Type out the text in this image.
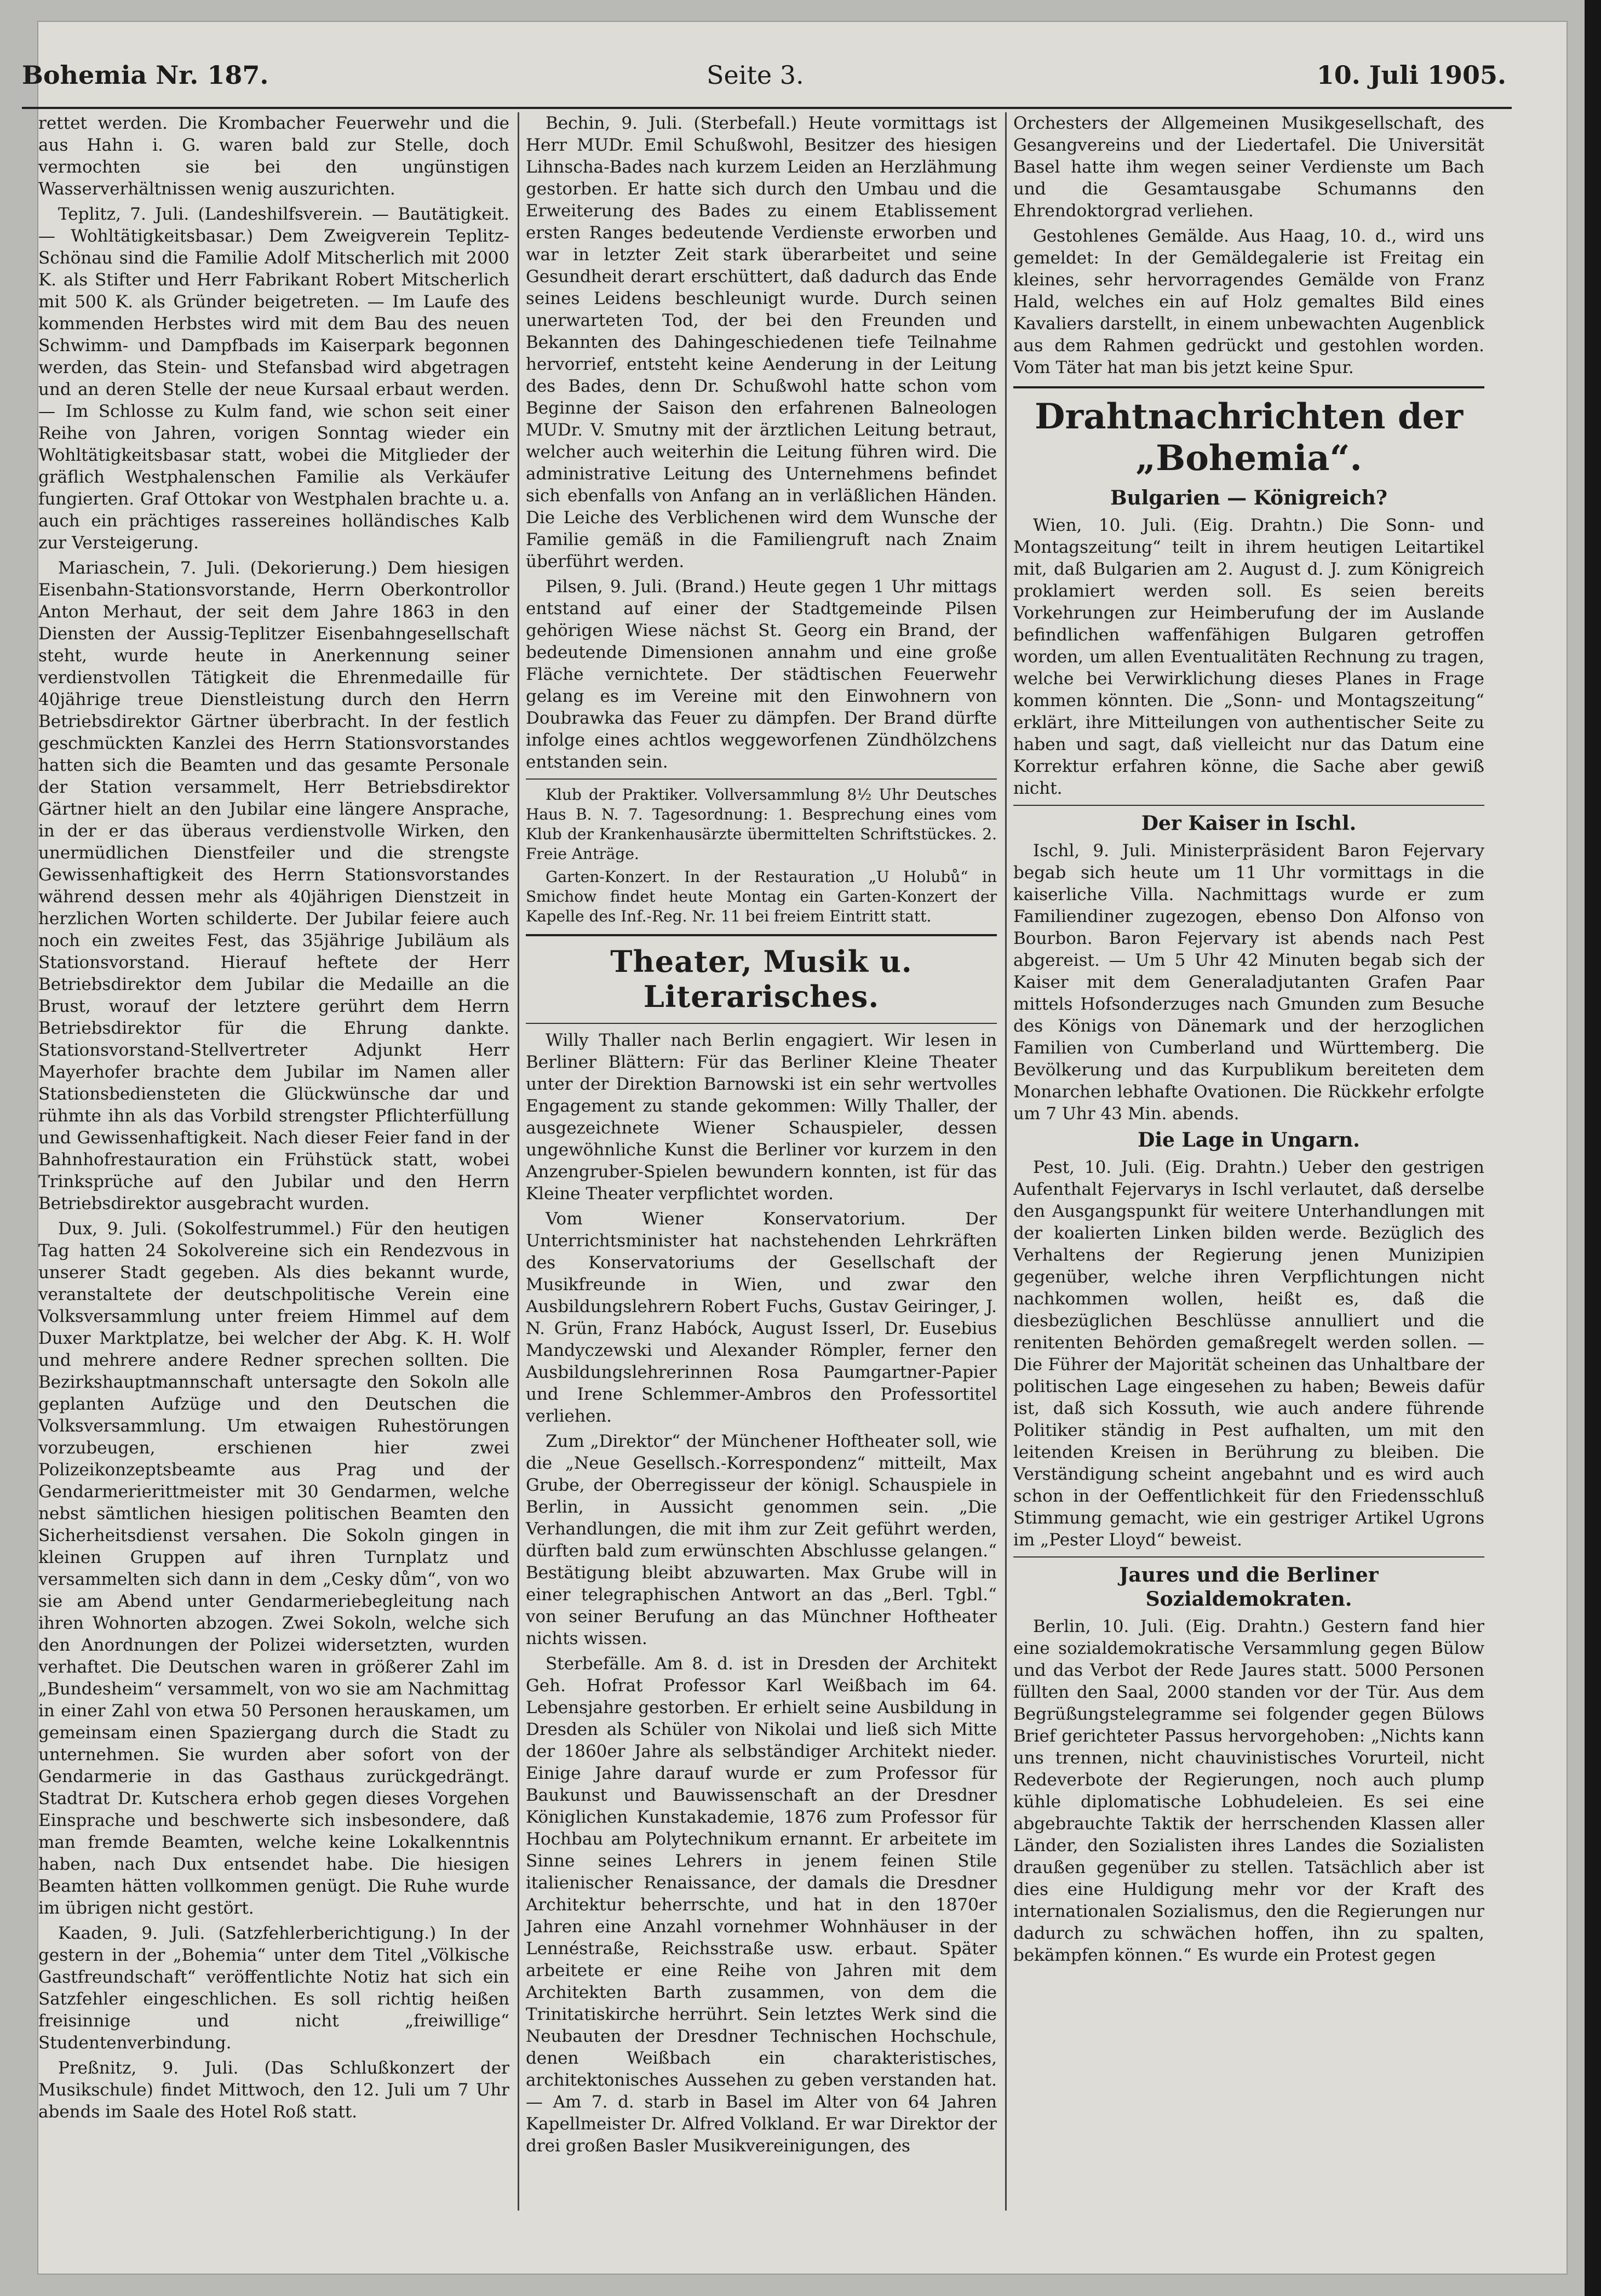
Bohemia Nr. 187.	Seite 3.	10. Juli 1905.

rettet werden. Die Krombacher Feuerwehr und die aus Hahn i. G. waren bald zur Stelle, doch vermochten sie bei den ungünstigen Wasserverhältnissen wenig auszurichten.

Teplitz, 7. Juli. (Landeshilfsverein. — Bautätigkeit. — Wohltätigkeitsbasar.) Dem Zweigverein Teplitz-Schönau sind die Familie Adolf Mitscherlich mit 2000 K. als Stifter und Herr Fabrikant Robert Mitscherlich mit 500 K. als Gründer beigetreten. — Im Laufe des kommenden Herbstes wird mit dem Bau des neuen Schwimm- und Dampfbads im Kaiserpark begonnen werden, das Stein- und Stefansbad wird abgetragen und an deren Stelle der neue Kursaal erbaut werden. — Im Schlosse zu Kulm fand, wie schon seit einer Reihe von Jahren, vorigen Sonntag wieder ein Wohltätigkeitsbasar statt, wobei die Mitglieder der gräflich Westphalenschen Familie als Verkäufer fungierten. Graf Ottokar von Westphalen brachte u. a. auch ein prächtiges rassereines holländisches Kalb zur Versteigerung.

Mariaschein, 7. Juli. (Dekorierung.) Dem hiesigen Eisenbahn-Stationsvorstande, Herrn Oberkontrollor Anton Merhaut, der seit dem Jahre 1863 in den Diensten der Aussig-Teplitzer Eisenbahngesellschaft steht, wurde heute in Anerkennung seiner verdienstvollen Tätigkeit die Ehrenmedaille für 40jährige treue Dienstleistung durch den Herrn Betriebsdirektor Gärtner überbracht. In der festlich geschmückten Kanzlei des Herrn Stationsvorstandes hatten sich die Beamten und das gesamte Personale der Station versammelt, Herr Betriebsdirektor Gärtner hielt an den Jubilar eine längere Ansprache, in der er das überaus verdienstvolle Wirken, den unermüdlichen Dienstfeiler und die strengste Gewissenhaftigkeit des Herrn Stationsvorstandes während dessen mehr als 40jährigen Dienstzeit in herzlichen Worten schilderte. Der Jubilar feiere auch noch ein zweites Fest, das 35jährige Jubiläum als Stationsvorstand. Hierauf heftete der Herr Betriebsdirektor dem Jubilar die Medaille an die Brust, worauf der letztere gerührt dem Herrn Betriebsdirektor für die Ehrung dankte. Stationsvorstand-Stellvertreter Adjunkt Herr Mayerhofer brachte dem Jubilar im Namen aller Stationsbediensteten die Glückwünsche dar und rühmte ihn als das Vorbild strengster Pflichterfüllung und Gewissenhaftigkeit. Nach dieser Feier fand in der Bahnhofrestauration ein Frühstück statt, wobei Trinksprüche auf den Jubilar und den Herrn Betriebsdirektor ausgebracht wurden.

Dux, 9. Juli. (Sokolfestrummel.) Für den heutigen Tag hatten 24 Sokolvereine sich ein Rendezvous in unserer Stadt gegeben. Als dies bekannt wurde, veranstaltete der deutschpolitische Verein eine Volksversammlung unter freiem Himmel auf dem Duxer Marktplatze, bei welcher der Abg. K. H. Wolf und mehrere andere Redner sprechen sollten. Die Bezirkshauptmannschaft untersagte den Sokoln alle geplanten Aufzüge und den Deutschen die Volksversammlung. Um etwaigen Ruhestörungen vorzubeugen, erschienen hier zwei Polizeikonzeptsbeamte aus Prag und der Gendarmerierittmeister mit 30 Gendarmen, welche nebst sämtlichen hiesigen politischen Beamten den Sicherheitsdienst versahen. Die Sokoln gingen in kleinen Gruppen auf ihren Turnplatz und versammelten sich dann in dem „Cesky dům“, von wo sie am Abend unter Gendarmeriebegleitung nach ihren Wohnorten abzogen. Zwei Sokoln, welche sich den Anordnungen der Polizei widersetzten, wurden verhaftet. Die Deutschen waren in größerer Zahl im „Bundesheim“ versammelt, von wo sie am Nachmittag in einer Zahl von etwa 50 Personen herauskamen, um gemeinsam einen Spaziergang durch die Stadt zu unternehmen. Sie wurden aber sofort von der Gendarmerie in das Gasthaus zurückgedrängt. Stadtrat Dr. Kutschera erhob gegen dieses Vorgehen Einsprache und beschwerte sich insbesondere, daß man fremde Beamten, welche keine Lokalkenntnis haben, nach Dux entsendet habe. Die hiesigen Beamten hätten vollkommen genügt. Die Ruhe wurde im übrigen nicht gestört.

Kaaden, 9. Juli. (Satzfehlerberichtigung.) In der gestern in der „Bohemia“ unter dem Titel „Völkische Gastfreundschaft“ veröffentlichte Notiz hat sich ein Satzfehler eingeschlichen. Es soll richtig heißen freisinnige und nicht „freiwillige“ Studentenverbindung.

Preßnitz, 9. Juli. (Das Schlußkonzert der Musikschule) findet Mittwoch, den 12. Juli um 7 Uhr abends im Saale des Hotel Roß statt.

Bechin, 9. Juli. (Sterbefall.) Heute vormittags ist Herr MUDr. Emil Schußwohl, Besitzer des hiesigen Lihnscha-Bades nach kurzem Leiden an Herzlähmung gestorben. Er hatte sich durch den Umbau und die Erweiterung des Bades zu einem Etablissement ersten Ranges bedeutende Verdienste erworben und war in letzter Zeit stark überarbeitet und seine Gesundheit derart erschüttert, daß dadurch das Ende seines Leidens beschleunigt wurde. Durch seinen unerwarteten Tod, der bei den Freunden und Bekannten des Dahingeschiedenen tiefe Teilnahme hervorrief, entsteht keine Aenderung in der Leitung des Bades, denn Dr. Schußwohl hatte schon vom Beginne der Saison den erfahrenen Balneologen MUDr. V. Smutny mit der ärztlichen Leitung betraut, welcher auch weiterhin die Leitung führen wird. Die administrative Leitung des Unternehmens befindet sich ebenfalls von Anfang an in verläßlichen Händen. Die Leiche des Verblichenen wird dem Wunsche der Familie gemäß in die Familiengruft nach Znaim überführt werden.

Pilsen, 9. Juli. (Brand.) Heute gegen 1 Uhr mittags entstand auf einer der Stadtgemeinde Pilsen gehörigen Wiese nächst St. Georg ein Brand, der bedeutende Dimensionen annahm und eine große Fläche vernichtete. Der städtischen Feuerwehr gelang es im Vereine mit den Einwohnern von Doubrawka das Feuer zu dämpfen. Der Brand dürfte infolge eines achtlos weggeworfenen Zündhölzchens entstanden sein.

Klub der Praktiker. Vollversammlung 8½ Uhr Deutsches Haus B. N. 7. Tagesordnung: 1. Besprechung eines vom Klub der Krankenhausärzte übermittelten Schriftstückes. 2. Freie Anträge.

Garten-Konzert. In der Restauration „U Holubů“ in Smichow findet heute Montag ein Garten-Konzert der Kapelle des Inf.-Reg. Nr. 11 bei freiem Eintritt statt.

Theater, Musik u. Literarisches.

Willy Thaller nach Berlin engagiert. Wir lesen in Berliner Blättern: Für das Berliner Kleine Theater unter der Direktion Barnowski ist ein sehr wertvolles Engagement zu stande gekommen: Willy Thaller, der ausgezeichnete Wiener Schauspieler, dessen ungewöhnliche Kunst die Berliner vor kurzem in den Anzengruber-Spielen bewundern konnten, ist für das Kleine Theater verpflichtet worden.

Vom Wiener Konservatorium. Der Unterrichtsminister hat nachstehenden Lehrkräften des Konservatoriums der Gesellschaft der Musikfreunde in Wien, und zwar den Ausbildungslehrern Robert Fuchs, Gustav Geiringer, J. N. Grün, Franz Habóck, August Isserl, Dr. Eusebius Mandyczewski und Alexander Römpler, ferner den Ausbildungslehrerinnen Rosa Paumgartner-Papier und Irene Schlemmer-Ambros den Professortitel verliehen.

Zum „Direktor“ der Münchener Hoftheater soll, wie die „Neue Gesellsch.-Korrespondenz“ mitteilt, Max Grube, der Oberregisseur der königl. Schauspiele in Berlin, in Aussicht genommen sein. „Die Verhandlungen, die mit ihm zur Zeit geführt werden, dürften bald zum erwünschten Abschlusse gelangen.“ Bestätigung bleibt abzuwarten. Max Grube will in einer telegraphischen Antwort an das „Berl. Tgbl.“ von seiner Berufung an das Münchner Hoftheater nichts wissen.

Sterbefälle. Am 8. d. ist in Dresden der Architekt Geh. Hofrat Professor Karl Weißbach im 64. Lebensjahre gestorben. Er erhielt seine Ausbildung in Dresden als Schüler von Nikolai und ließ sich Mitte der 1860er Jahre als selbständiger Architekt nieder. Einige Jahre darauf wurde er zum Professor für Baukunst und Bauwissenschaft an der Dresdner Königlichen Kunstakademie, 1876 zum Professor für Hochbau am Polytechnikum ernannt. Er arbeitete im Sinne seines Lehrers in jenem feinen Stile italienischer Renaissance, der damals die Dresdner Architektur beherrschte, und hat in den 1870er Jahren eine Anzahl vornehmer Wohnhäuser in der Lennéstraße, Reichsstraße usw. erbaut. Später arbeitete er eine Reihe von Jahren mit dem Architekten Barth zusammen, von dem die Trinitatiskirche herrührt. Sein letztes Werk sind die Neubauten der Dresdner Technischen Hochschule, denen Weißbach ein charakteristisches, architektonisches Aussehen zu geben verstanden hat. — Am 7. d. starb in Basel im Alter von 64 Jahren Kapellmeister Dr. Alfred Volkland. Er war Direktor der drei großen Basler Musikvereinigungen, des

Orchesters der Allgemeinen Musikgesellschaft, des Gesangvereins und der Liedertafel. Die Universität Basel hatte ihm wegen seiner Verdienste um Bach und die Gesamtausgabe Schumanns den Ehrendoktorgrad verliehen.

Gestohlenes Gemälde. Aus Haag, 10. d., wird uns gemeldet: In der Gemäldegalerie ist Freitag ein kleines, sehr hervorragendes Gemälde von Franz Hald, welches ein auf Holz gemaltes Bild eines Kavaliers darstellt, in einem unbewachten Augenblick aus dem Rahmen gedrückt und gestohlen worden. Vom Täter hat man bis jetzt keine Spur.

Drahtnachrichten der „Bohemia“.
Bulgarien — Königreich?

Wien, 10. Juli. (Eig. Drahtn.) Die Sonn- und Montagszeitung“ teilt in ihrem heutigen Leitartikel mit, daß Bulgarien am 2. August d. J. zum Königreich proklamiert werden soll. Es seien bereits Vorkehrungen zur Heimberufung der im Auslande befindlichen waffenfähigen Bulgaren getroffen worden, um allen Eventualitäten Rechnung zu tragen, welche bei Verwirklichung dieses Planes in Frage kommen könnten. Die „Sonn- und Montagszeitung“ erklärt, ihre Mitteilungen von authentischer Seite zu haben und sagt, daß vielleicht nur das Datum eine Korrektur erfahren könne, die Sache aber gewiß nicht.

Der Kaiser in Ischl.

Ischl, 9. Juli. Ministerpräsident Baron Fejervary begab sich heute um 11 Uhr vormittags in die kaiserliche Villa. Nachmittags wurde er zum Familiendiner zugezogen, ebenso Don Alfonso von Bourbon. Baron Fejervary ist abends nach Pest abgereist. — Um 5 Uhr 42 Minuten begab sich der Kaiser mit dem Generaladjutanten Grafen Paar mittels Hofsonderzuges nach Gmunden zum Besuche des Königs von Dänemark und der herzoglichen Familien von Cumberland und Württemberg. Die Bevölkerung und das Kurpublikum bereiteten dem Monarchen lebhafte Ovationen. Die Rückkehr erfolgte um 7 Uhr 43 Min. abends.

Die Lage in Ungarn.

Pest, 10. Juli. (Eig. Drahtn.) Ueber den gestrigen Aufenthalt Fejervarys in Ischl verlautet, daß derselbe den Ausgangspunkt für weitere Unterhandlungen mit der koalierten Linken bilden werde. Bezüglich des Verhaltens der Regierung jenen Munizipien gegenüber, welche ihren Verpflichtungen nicht nachkommen wollen, heißt es, daß die diesbezüglichen Beschlüsse annulliert und die renitenten Behörden gemaßregelt werden sollen. — Die Führer der Majorität scheinen das Unhaltbare der politischen Lage eingesehen zu haben; Beweis dafür ist, daß sich Kossuth, wie auch andere führende Politiker ständig in Pest aufhalten, um mit den leitenden Kreisen in Berührung zu bleiben. Die Verständigung scheint angebahnt und es wird auch schon in der Oeffentlichkeit für den Friedensschluß Stimmung gemacht, wie ein gestriger Artikel Ugrons im „Pester Lloyd“ beweist.

Jaures und die Berliner Sozialdemokraten.

Berlin, 10. Juli. (Eig. Drahtn.) Gestern fand hier eine sozialdemokratische Versammlung gegen Bülow und das Verbot der Rede Jaures statt. 5000 Personen füllten den Saal, 2000 standen vor der Tür. Aus dem Begrüßungstelegramme sei folgender gegen Bülows Brief gerichteter Passus hervorgehoben: „Nichts kann uns trennen, nicht chauvinistisches Vorurteil, nicht Redeverbote der Regierungen, noch auch plump kühle diplomatische Lobhudeleien. Es sei eine abgebrauchte Taktik der herrschenden Klassen aller Länder, den Sozialisten ihres Landes die Sozialisten draußen gegenüber zu stellen. Tatsächlich aber ist dies eine Huldigung mehr vor der Kraft des internationalen Sozialismus, den die Regierungen nur dadurch zu schwächen hoffen, ihn zu spalten, bekämpfen können.“ Es wurde ein Protest gegen
